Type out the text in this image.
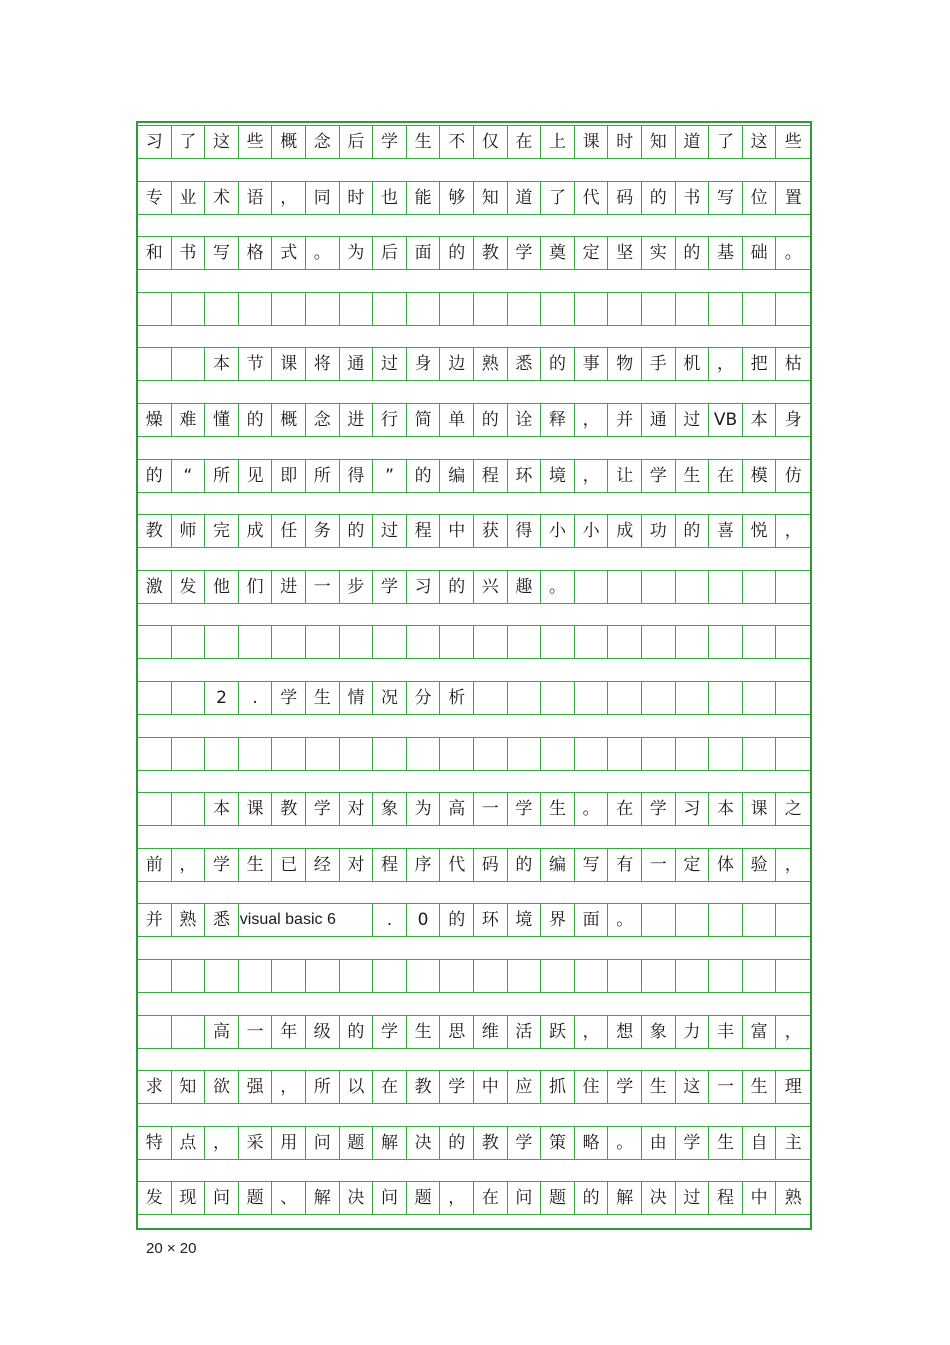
习 了 这 些 概 念 后 学 生 不 仅 在 上 课 时 知 道 了 这	些
专 业 术 语 ， 同 时 也 能 够 知 道 了 代 码 的 书 写 位	置
和 书 写 格 式 。 为 后 面 的 教 学 奠 定 坚 实 的 基 础	。
本 节 课 将 通 过 身 边 熟 悉 的 事 物 手 机 ， 把	枯
燥 难 懂 的 概 念 进 行 简 单 的 诠 释 ， 并 通 过 VB 本	身
的	“	所 见 即 所 得	”	的 编 程 环 境 ， 让 学 生 在 模	仿
教 师 完 成 任 务 的 过 程 中 获 得 小 小 成 功 的 喜 悦	，
激 发 他 们 进 一 步 学 习 的 兴 趣 。
2	.	学 生 情 况 分 析
本 课 教 学 对 象 为 高 一 学 生 。 在 学 习 本 课	之
前 ， 学 生 已 经 对 程 序 代 码 的 编 写 有 一 定 体 验	，
并 熟 悉 visual basic 6	.	0	的 环 境 界 面 。
高 一 年 级 的 学 生 思 维 活 跃 ， 想 象 力 丰 富	，
求 知 欲 强 ， 所 以 在 教 学 中 应 抓 住 学 生 这 一 生	理
特 点 ， 采 用 问 题 解 决 的 教 学 策 略 。 由 学 生 自	主
发 现 问 题 、 解 决 问 题 ， 在 问 题 的 解 决 过 程 中	熟
20 × 20
